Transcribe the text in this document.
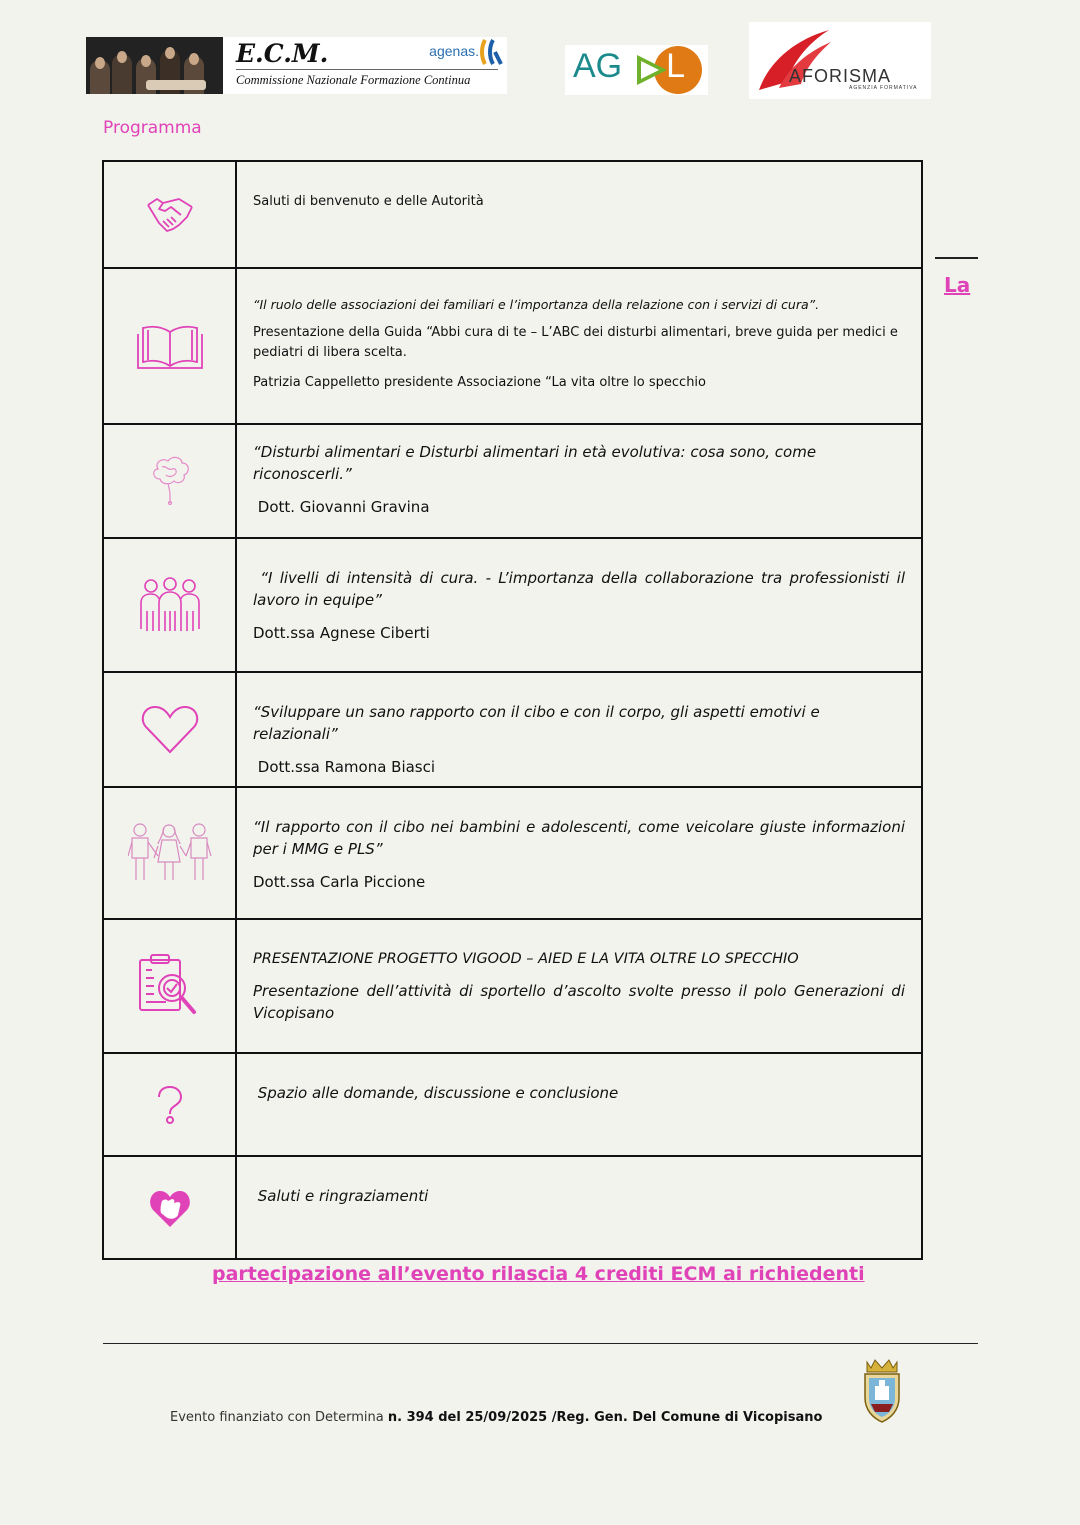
E.C.M.
Commissione Nazionale Formazione Continua
agenas.	AG L	AFORISMA
AGENZIA FORMATIVA
Programma
La

Saluti di benvenuto e delle Autorità

“Il ruolo delle associazioni dei familiari e l’importanza della relazione con i servizi di cura”.

Presentazione della Guida “Abbi cura di te – L’ABC dei disturbi alimentari, breve guida per medici e pediatri di libera scelta.

Patrizia Cappelletto presidente Associazione “La vita oltre lo specchio

“Disturbi alimentari e Disturbi alimentari in età evolutiva: cosa sono, come riconoscerli.”

Dott. Giovanni Gravina

“I livelli di intensità di cura. - L’importanza della collaborazione tra professionisti il lavoro in equipe”

Dott.ssa Agnese Ciberti

“Sviluppare un sano rapporto con il cibo e con il corpo, gli aspetti emotivi e relazionali”

Dott.ssa Ramona Biasci

“Il rapporto con il cibo nei bambini e adolescenti, come veicolare giuste informazioni per i MMG e PLS”

Dott.ssa Carla Piccione

PRESENTAZIONE PROGETTO VIGOOD – AIED E LA VITA OLTRE LO SPECCHIO

Presentazione dell’attività di sportello d’ascolto svolte presso il polo Generazioni di Vicopisano

Spazio alle domande, discussione e conclusione

Saluti e ringraziamenti

partecipazione all’evento rilascia 4 crediti ECM ai richiedenti
Evento finanziato con Determina n. 394 del 25/09/2025 /Reg. Gen. Del Comune di Vicopisano
